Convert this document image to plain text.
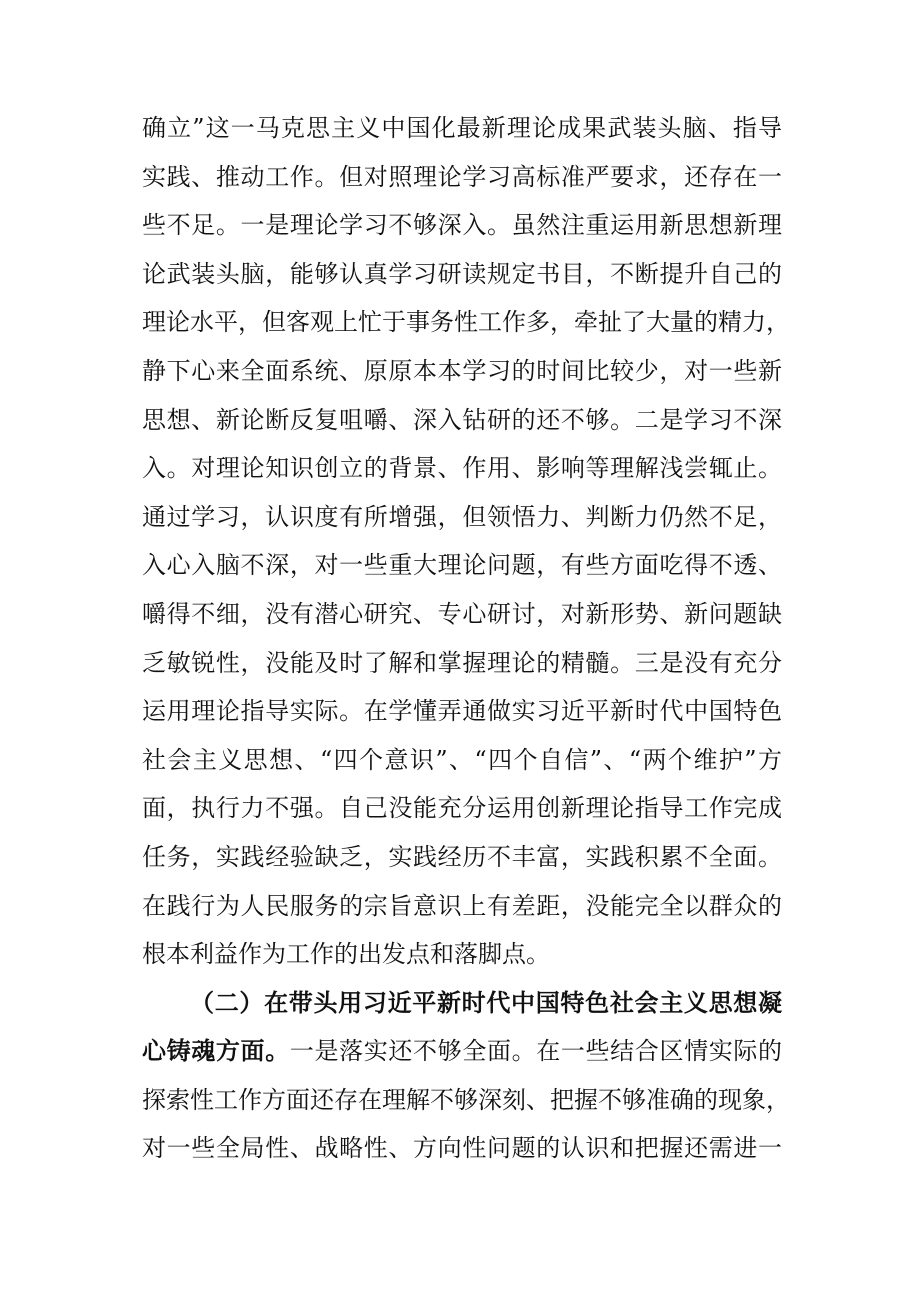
确立”这一马克思主义中国化最新理论成果武装头脑、指导
实践、推动工作。但对照理论学习高标准严要求，还存在一
些不足。一是理论学习不够深入。虽然注重运用新思想新理
论武装头脑，能够认真学习研读规定书目，不断提升自己的
理论水平，但客观上忙于事务性工作多，牵扯了大量的精力，
静下心来全面系统、原原本本学习的时间比较少，对一些新
思想、新论断反复咀嚼、深入钻研的还不够。二是学习不深
入。对理论知识创立的背景、作用、影响等理解浅尝辄止。
通过学习，认识度有所增强，但领悟力、判断力仍然不足，
入心入脑不深，对一些重大理论问题，有些方面吃得不透、
嚼得不细，没有潜心研究、专心研讨，对新形势、新问题缺
乏敏锐性，没能及时了解和掌握理论的精髓。三是没有充分
运用理论指导实际。在学懂弄通做实习近平新时代中国特色
社会主义思想、“四个意识”、“四个自信”、“两个维护”方
面，执行力不强。自己没能充分运用创新理论指导工作完成
任务，实践经验缺乏，实践经历不丰富，实践积累不全面。
在践行为人民服务的宗旨意识上有差距，没能完全以群众的
根本利益作为工作的出发点和落脚点。
（二）在带头用习近平新时代中国特色社会主义思想凝
心铸魂方面。一是落实还不够全面。在一些结合区情实际的
探索性工作方面还存在理解不够深刻、把握不够准确的现象，
对一些全局性、战略性、方向性问题的认识和把握还需进一
